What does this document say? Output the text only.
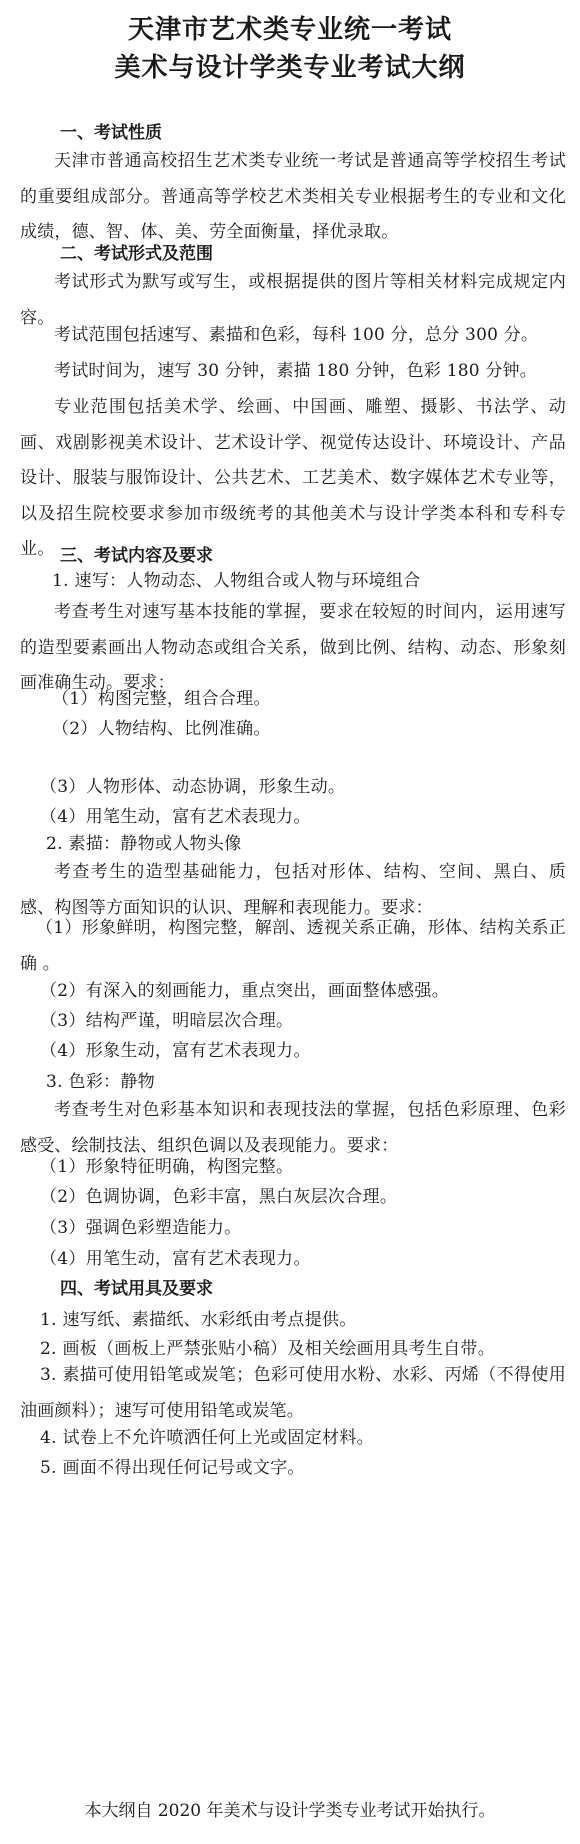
天津市艺术类专业统一考试
美术与设计学类专业考试大纲
一、考试性质

天津市普通高校招生艺术类专业统一考试是普通高等学校招生考试的重要组成部分。普通高等学校艺术类相关专业根据考生的专业和文化成绩，德、智、体、美、劳全面衡量，择优录取。

二、考试形式及范围

考试形式为默写或写生，或根据提供的图片等相关材料完成规定内容。

考试范围包括速写、素描和色彩，每科 100 分，总分 300 分。

考试时间为，速写 30 分钟，素描 180 分钟，色彩 180 分钟。

专业范围包括美术学、绘画、中国画、雕塑、摄影、书法学、动画、戏剧影视美术设计、艺术设计学、视觉传达设计、环境设计、产品设计、服装与服饰设计、公共艺术、工艺美术、数字媒体艺术专业等，以及招生院校要求参加市级统考的其他美术与设计学类本科和专科专业。 三、考试内容及要求
1. 速写：人物动态、人物组合或人物与环境组合

考查考生对速写基本技能的掌握，要求在较短的时间内，运用速写的造型要素画出人物动态或组合关系，做到比例、结构、动态、形象刻画准确生动。要求：

（1）构图完整，组合合理。
（2）人物结构、比例准确。
（3）人物形体、动态协调，形象生动。
（4）用笔生动，富有艺术表现力。
2. 素描：静物或人物头像

考查考生的造型基础能力，包括对形体、结构、空间、黑白、质感、构图等方面知识的认识、理解和表现能力。要求：

（1）形象鲜明，构图完整，解剖、透视关系正确，形体、结构关系正确 。

（2）有深入的刻画能力，重点突出，画面整体感强。
（3）结构严谨，明暗层次合理。
（4）形象生动，富有艺术表现力。
3. 色彩：静物

考查考生对色彩基本知识和表现技法的掌握，包括色彩原理、色彩感受、绘制技法、组织色调以及表现能力。要求：

（1）形象特征明确，构图完整。
（2）色调协调，色彩丰富，黑白灰层次合理。
（3）强调色彩塑造能力。
（4）用笔生动，富有艺术表现力。
四、考试用具及要求
1. 速写纸、素描纸、水彩纸由考点提供。
2. 画板（画板上严禁张贴小稿）及相关绘画用具考生自带。

3. 素描可使用铅笔或炭笔；色彩可使用水粉、水彩、丙烯（不得使用油画颜料）；速写可使用铅笔或炭笔。

4. 试卷上不允许喷洒任何上光或固定材料。
5. 画面不得出现任何记号或文字。
本大纲自 2020 年美术与设计学类专业考试开始执行。
